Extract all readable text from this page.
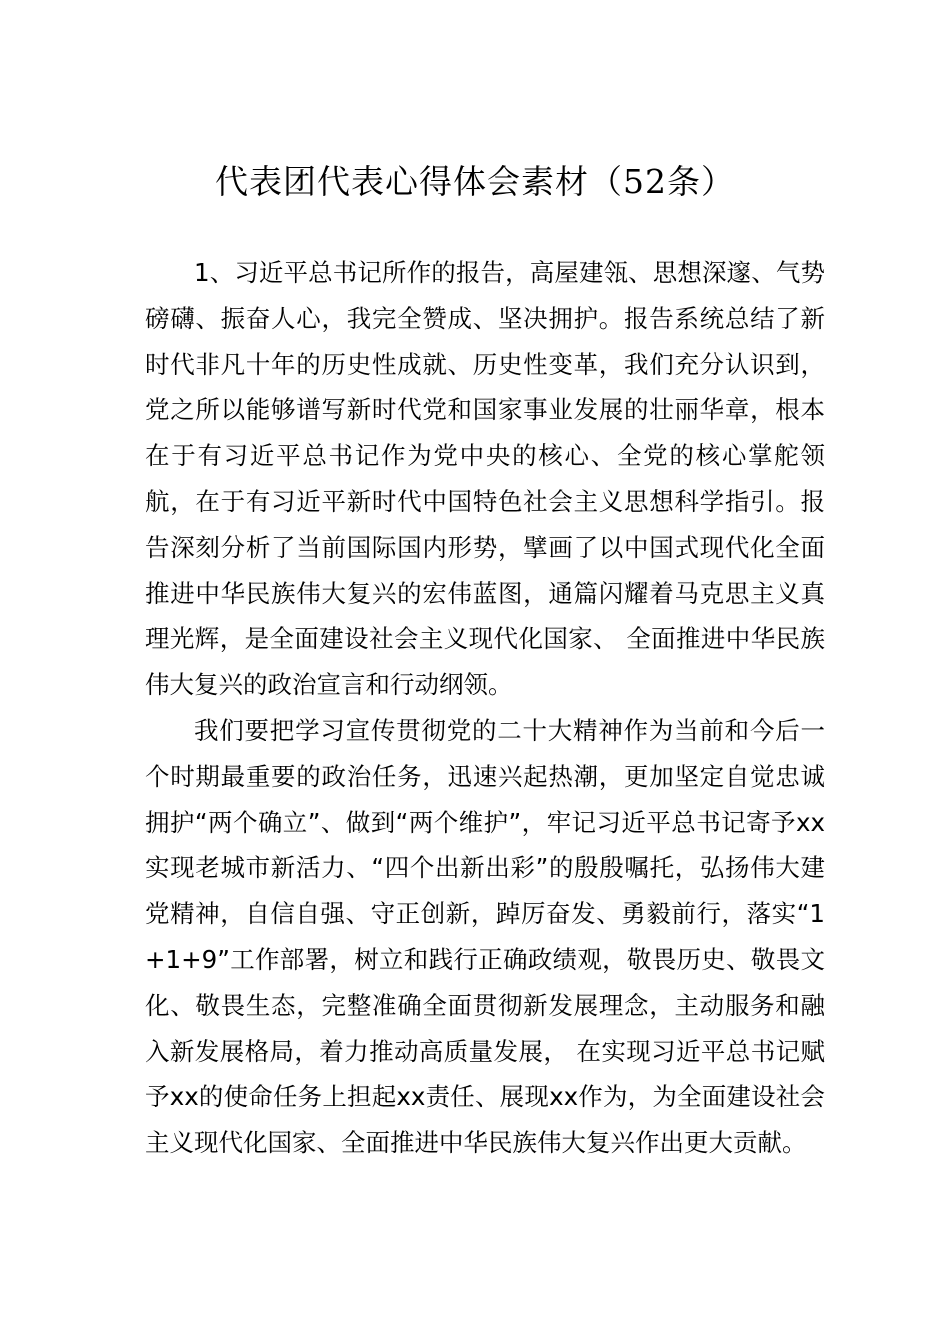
代表团代表心得体会素材（52条）

1、习近平总书记所作的报告，高屋建瓴、思想深邃、气势磅礴、振奋人心，我完全赞成、坚决拥护。报告系统总结了新时代非凡十年的历史性成就、历史性变革，我们充分认识到，党之所以能够谱写新时代党和国家事业发展的壮丽华章，根本在于有习近平总书记作为党中央的核心、全党的核心掌舵领航，在于有习近平新时代中国特色社会主义思想科学指引。报告深刻分析了当前国际国内形势，擘画了以中国式现代化全面推进中华民族伟大复兴的宏伟蓝图，通篇闪耀着马克思主义真理光辉，是全面建设社会主义现代化国家、 全面推进中华民族伟大复兴的政治宣言和行动纲领。

我们要把学习宣传贯彻党的二十大精神作为当前和今后一个时期最重要的政治任务，迅速兴起热潮，更加坚定自觉忠诚拥护“两个确立”、做到“两个维护”，牢记习近平总书记寄予xx实现老城市新活力、“四个出新出彩”的殷殷嘱托，弘扬伟大建党精神，自信自强、守正创新，踔厉奋发、勇毅前行，落实“1+1+9”工作部署，树立和践行正确政绩观，敬畏历史、敬畏文化、敬畏生态，完整准确全面贯彻新发展理念，主动服务和融入新发展格局，着力推动高质量发展， 在实现习近平总书记赋予xx的使命任务上担起xx责任、展现xx作为，为全面建设社会主义现代化国家、全面推进中华民族伟大复兴作出更大贡献。
